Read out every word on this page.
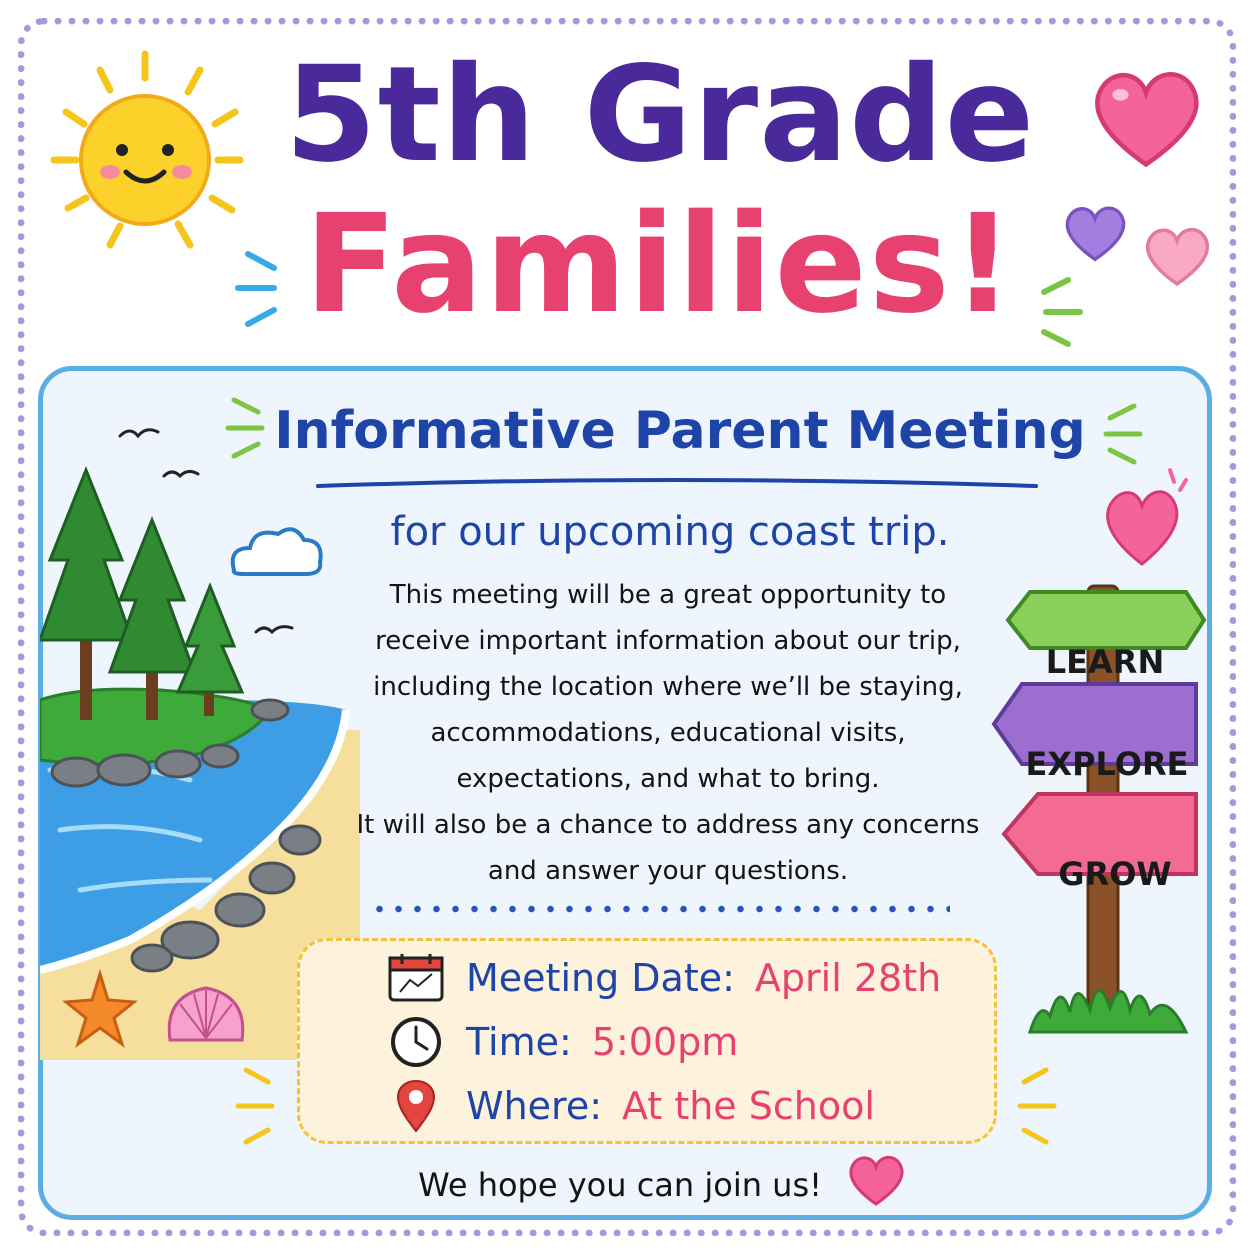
5th Grade
Families!
Informative Parent Meeting
for our upcoming coast trip.

This meeting will be a great opportunity to receive important information about our trip, including the location where we’ll be staying, accommodations, educational visits, expectations, and what to bring.

It will also be a chance to address any concerns and answer your questions.

LEARN
EXPLORE
GROW
Meeting Date: April 28th
Time: 5:00pm
Where: At the School
We hope you can join us!
